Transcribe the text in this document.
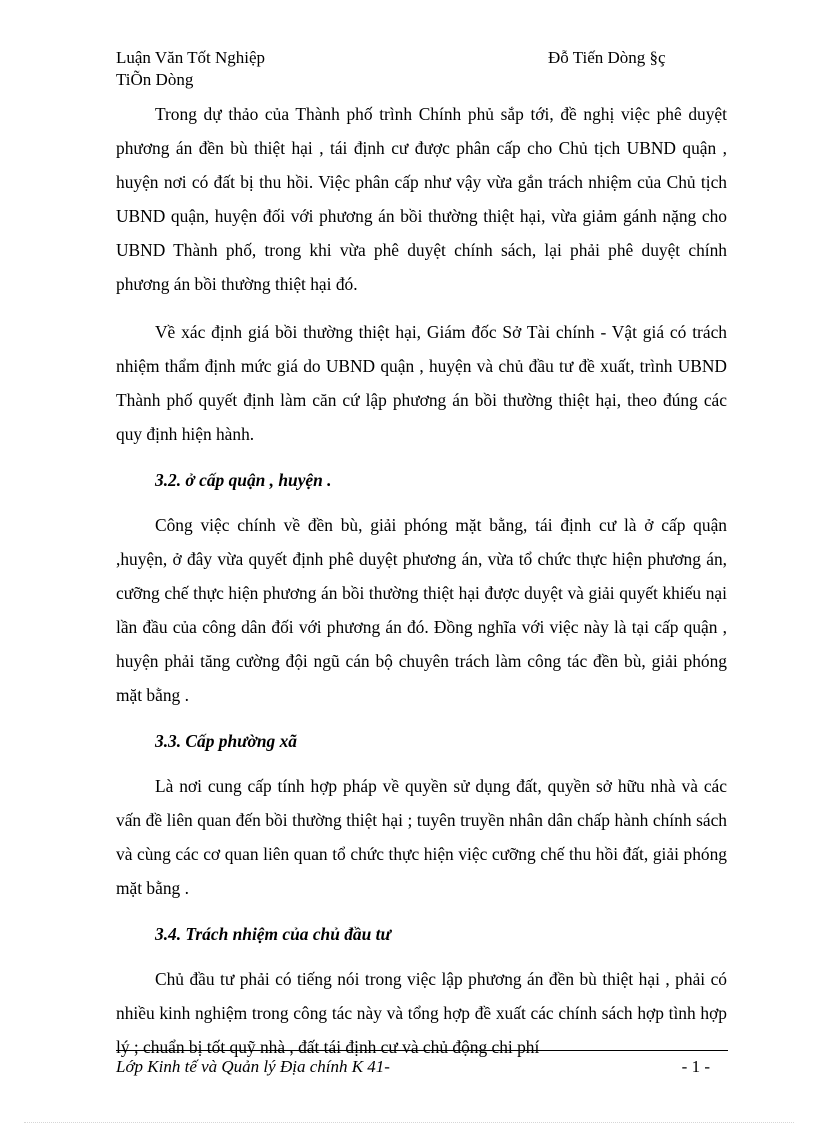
Luận Văn Tốt Nghiệp	Đỗ Tiến Dòng §ç
TiÕn Dòng

Trong dự thảo của Thành phố trình Chính phủ sắp tới, đề nghị việc phê duyệt phương án đền bù thiệt hại , tái định cư được phân cấp cho Chủ tịch UBND quận , huyện nơi có đất bị thu hồi. Việc phân cấp như vậy vừa gắn trách nhiệm của Chủ tịch UBND quận, huyện đối với phương án bồi thường thiệt hại, vừa giảm gánh nặng cho UBND Thành phố, trong khi vừa phê duyệt chính sách, lại phải phê duyệt chính phương án bồi thường thiệt hại đó.

Về xác định giá bồi thường thiệt hại, Giám đốc Sở Tài chính - Vật giá có trách nhiệm thẩm định mức giá do UBND quận , huyện và chủ đầu tư đề xuất, trình UBND Thành phố quyết định làm căn cứ lập phương án bồi thường thiệt hại, theo đúng các quy định hiện hành.

3.2. ở cấp quận , huyện .

Công việc chính về đền bù, giải phóng mặt bằng, tái định cư là ở cấp quận ,huyện, ở đây vừa quyết định phê duyệt phương án, vừa tổ chức thực hiện phương án, cưỡng chế thực hiện phương án bồi thường thiệt hại được duyệt và giải quyết khiếu nại lần đầu của công dân đối với phương án đó. Đồng nghĩa với việc này là tại cấp quận , huyện phải tăng cường đội ngũ cán bộ chuyên trách làm công tác đền bù, giải phóng mặt bằng .

3.3. Cấp phường xã

Là nơi cung cấp tính hợp pháp về quyền sử dụng đất, quyền sở hữu nhà và các vấn đề liên quan đến bồi thường thiệt hại ; tuyên truyền nhân dân chấp hành chính sách và cùng các cơ quan liên quan tổ chức thực hiện việc cưỡng chế thu hồi đất, giải phóng mặt bằng .

3.4. Trách nhiệm của chủ đầu tư

Chủ đầu tư phải có tiếng nói trong việc lập phương án đền bù thiệt hại , phải có nhiều kinh nghiệm trong công tác này và tổng hợp đề xuất các chính sách hợp tình hợp lý ; chuẩn bị tốt quỹ nhà , đất tái định cư và chủ động chi phí

Lớp Kinh tế và Quản lý Địa chính K 41-	- 1 -
